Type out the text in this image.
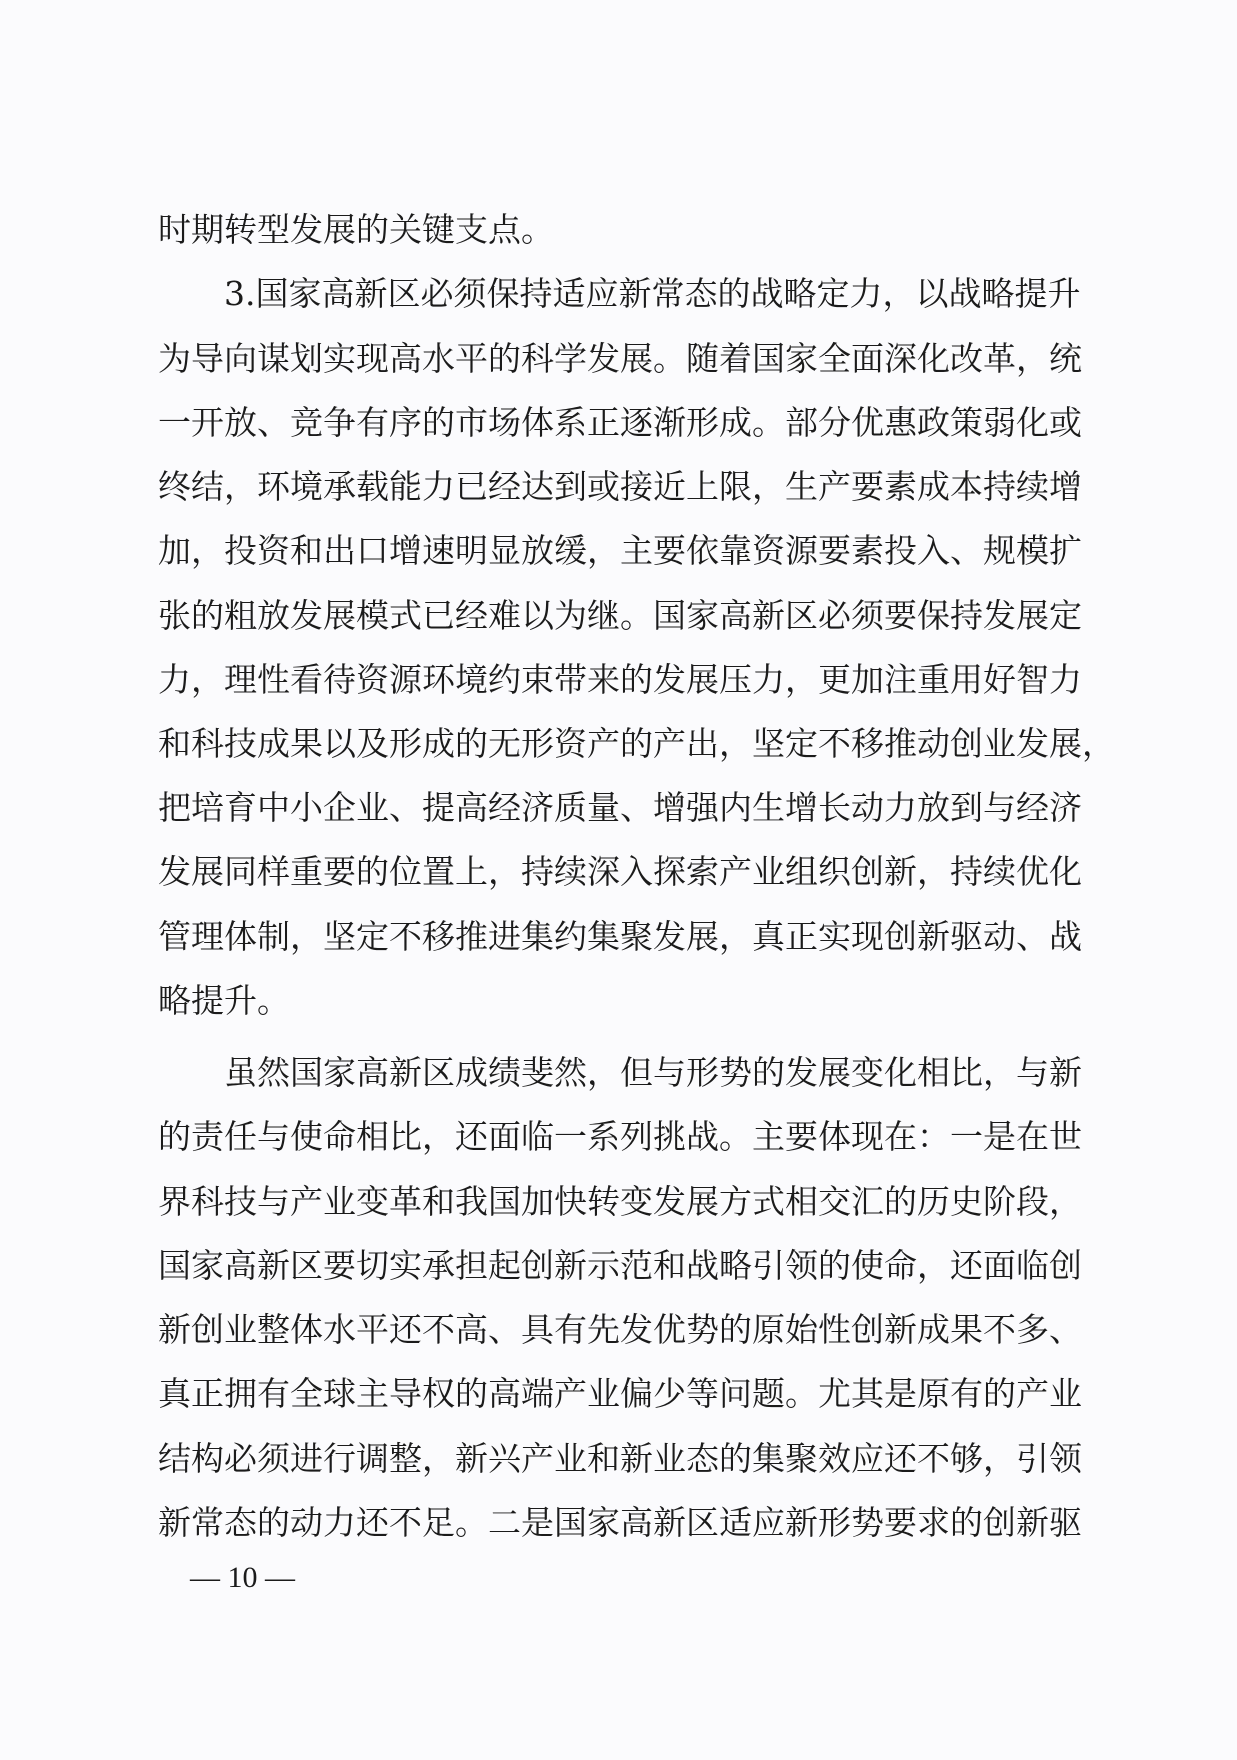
时期转型发展的关键支点。
3.国家高新区必须保持适应新常态的战略定力，以战略提升
为导向谋划实现高水平的科学发展。随着国家全面深化改革，统
一开放、竞争有序的市场体系正逐渐形成。部分优惠政策弱化或
终结，环境承载能力已经达到或接近上限，生产要素成本持续增
加，投资和出口增速明显放缓，主要依靠资源要素投入、规模扩
张的粗放发展模式已经难以为继。国家高新区必须要保持发展定
力，理性看待资源环境约束带来的发展压力，更加注重用好智力
和科技成果以及形成的无形资产的产出，坚定不移推动创业发展，
把培育中小企业、提高经济质量、增强内生增长动力放到与经济
发展同样重要的位置上，持续深入探索产业组织创新，持续优化
管理体制，坚定不移推进集约集聚发展，真正实现创新驱动、战
略提升。
虽然国家高新区成绩斐然，但与形势的发展变化相比，与新
的责任与使命相比，还面临一系列挑战。主要体现在：一是在世
界科技与产业变革和我国加快转变发展方式相交汇的历史阶段，
国家高新区要切实承担起创新示范和战略引领的使命，还面临创
新创业整体水平还不高、具有先发优势的原始性创新成果不多、
真正拥有全球主导权的高端产业偏少等问题。尤其是原有的产业
结构必须进行调整，新兴产业和新业态的集聚效应还不够，引领
新常态的动力还不足。二是国家高新区适应新形势要求的创新驱
— 10 —
